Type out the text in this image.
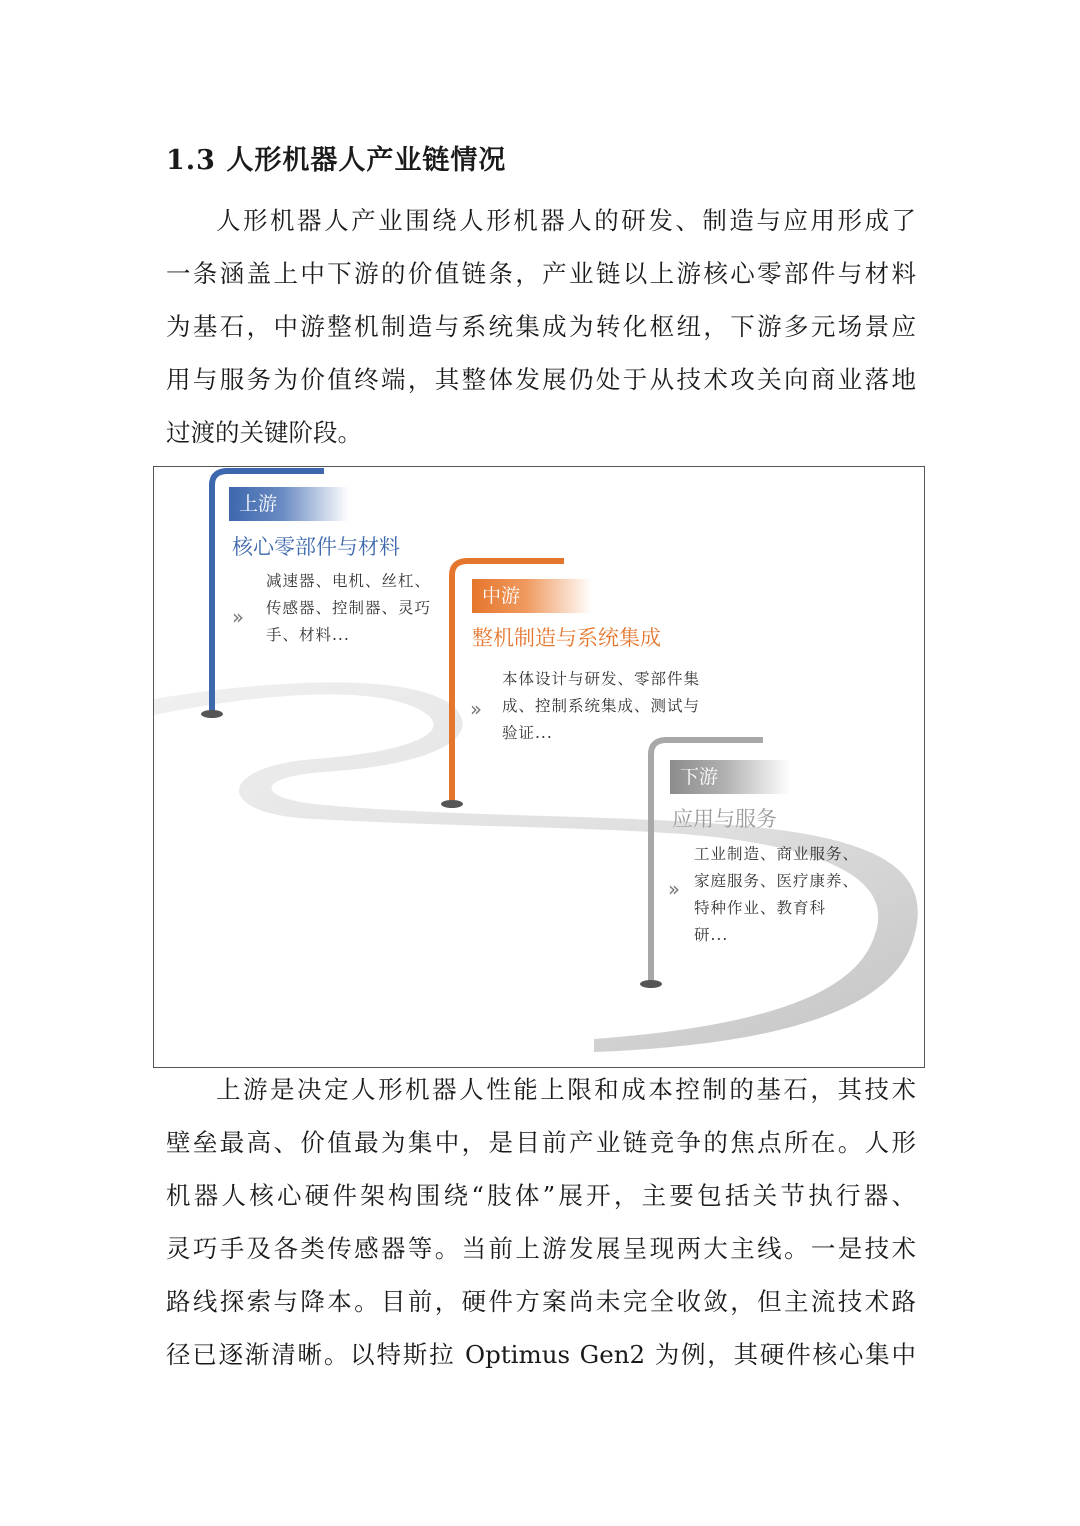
1.3 人形机器人产业链情况
人形机器人产业围绕人形机器人的研发、制造与应用形成了
一条涵盖上中下游的价值链条，产业链以上游核心零部件与材料
为基石，中游整机制造与系统集成为转化枢纽，下游多元场景应
用与服务为价值终端，其整体发展仍处于从技术攻关向商业落地
过渡的关键阶段。
上游
核心零部件与材料
››
减速器、电机、丝杠、
传感器、控制器、灵巧
手、材料...
中游
整机制造与系统集成
››
本体设计与研发、零部件集
成、控制系统集成、测试与
验证...
下游
应用与服务
››
工业制造、商业服务、
家庭服务、医疗康养、
特种作业、教育科
研...
上游是决定人形机器人性能上限和成本控制的基石，其技术
壁垒最高、价值最为集中，是目前产业链竞争的焦点所在。人形
机器人核心硬件架构围绕“肢体”展开，主要包括关节执行器、
灵巧手及各类传感器等。当前上游发展呈现两大主线。一是技术
路线探索与降本。目前，硬件方案尚未完全收敛，但主流技术路
径已逐渐清晰。以特斯拉 Optimus Gen2 为例，其硬件核心集中
